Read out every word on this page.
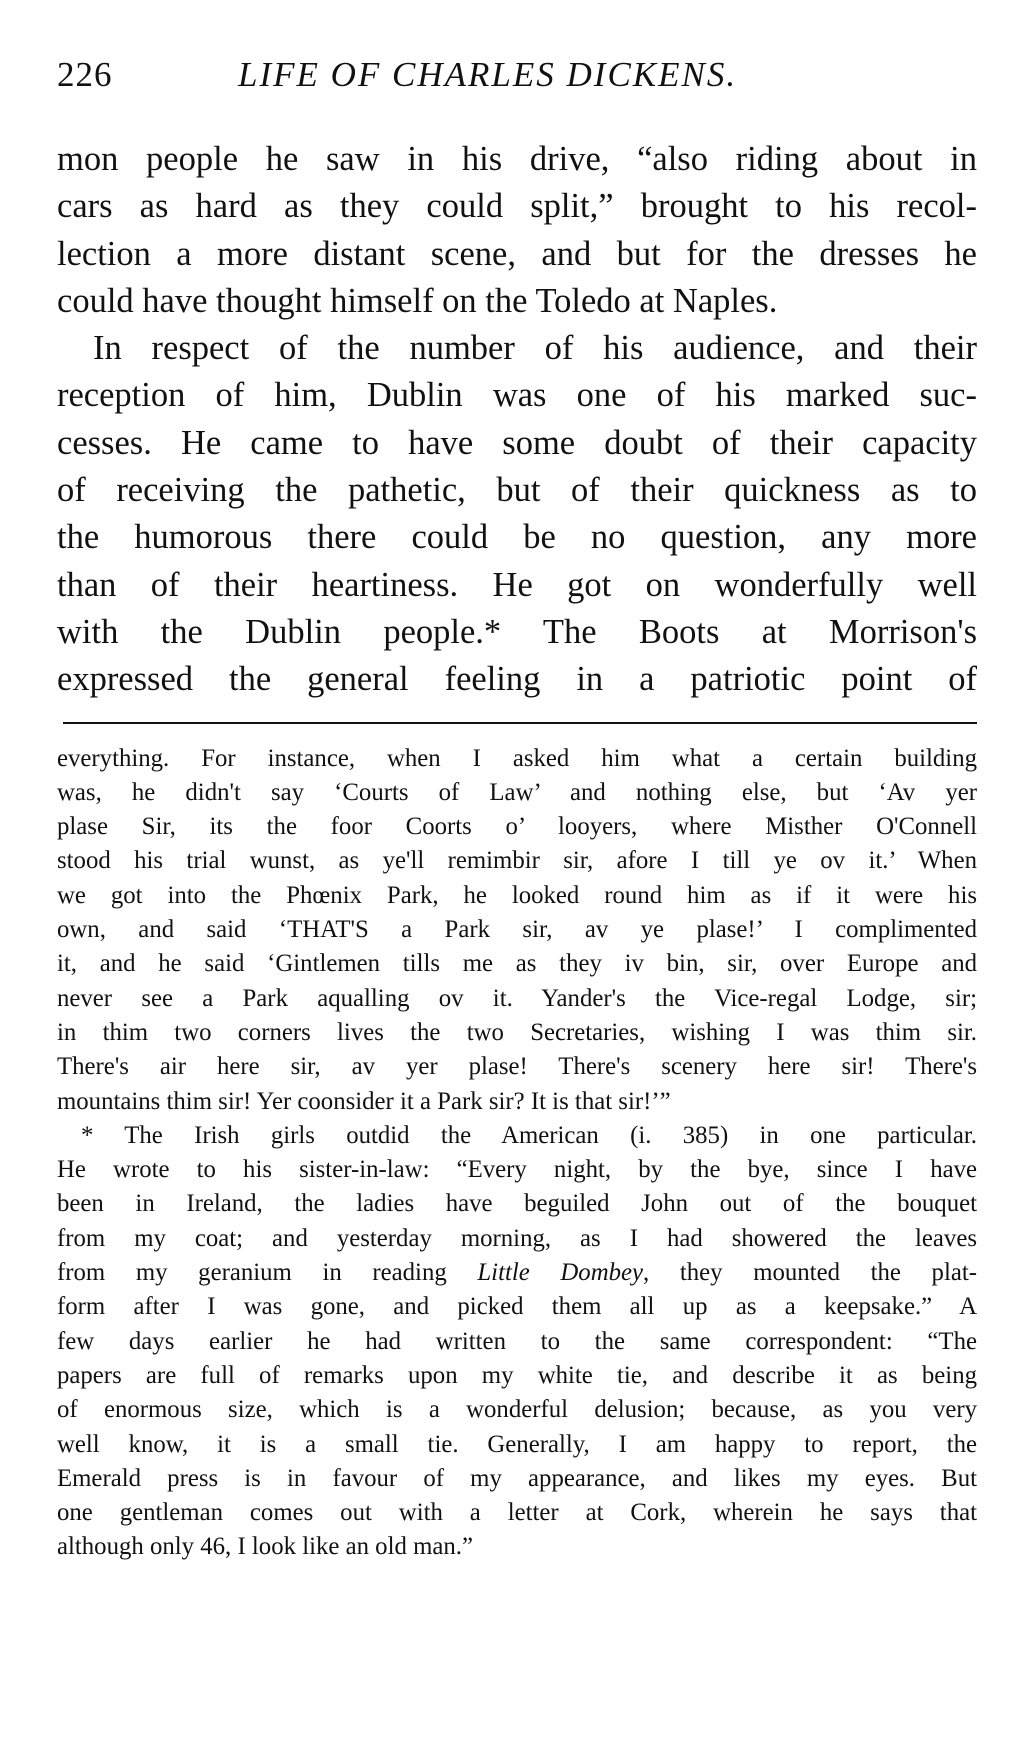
226	LIFE OF CHARLES DICKENS.
mon people he saw in his drive, “also riding about in
cars as hard as they could split,” brought to his recol-
lection a more distant scene, and but for the dresses he
could have thought himself on the Toledo at Naples.
In respect of the number of his audience, and their
reception of him, Dublin was one of his marked suc-
cesses. He came to have some doubt of their capacity
of receiving the pathetic, but of their quickness as to
the humorous there could be no question, any more
than of their heartiness. He got on wonderfully well
with the Dublin people.* The Boots at Morrison's
expressed the general feeling in a patriotic point of
everything. For instance, when I asked him what a certain building
was, he didn't say ‘Courts of Law’ and nothing else, but ‘Av yer
plase Sir, its the foor Coorts o’ looyers, where Misther O'Connell
stood his trial wunst, as ye'll remimbir sir, afore I till ye ov it.’ When
we got into the Phœnix Park, he looked round him as if it were his
own, and said ‘THAT'S a Park sir, av ye plase!’ I complimented
it, and he said ‘Gintlemen tills me as they iv bin, sir, over Europe and
never see a Park aqualling ov it. Yander's the Vice-regal Lodge, sir;
in thim two corners lives the two Secretaries, wishing I was thim sir.
There's air here sir, av yer plase! There's scenery here sir! There's
mountains thim sir! Yer coonsider it a Park sir? It is that sir!’”
* The Irish girls outdid the American (i. 385) in one particular.
He wrote to his sister-in-law: “Every night, by the bye, since I have
been in Ireland, the ladies have beguiled John out of the bouquet
from my coat; and yesterday morning, as I had showered the leaves
from my geranium in reading Little Dombey, they mounted the plat-
form after I was gone, and picked them all up as a keepsake.” A
few days earlier he had written to the same correspondent: “The
papers are full of remarks upon my white tie, and describe it as being
of enormous size, which is a wonderful delusion; because, as you very
well know, it is a small tie. Generally, I am happy to report, the
Emerald press is in favour of my appearance, and likes my eyes. But
one gentleman comes out with a letter at Cork, wherein he says that
although only 46, I look like an old man.”
